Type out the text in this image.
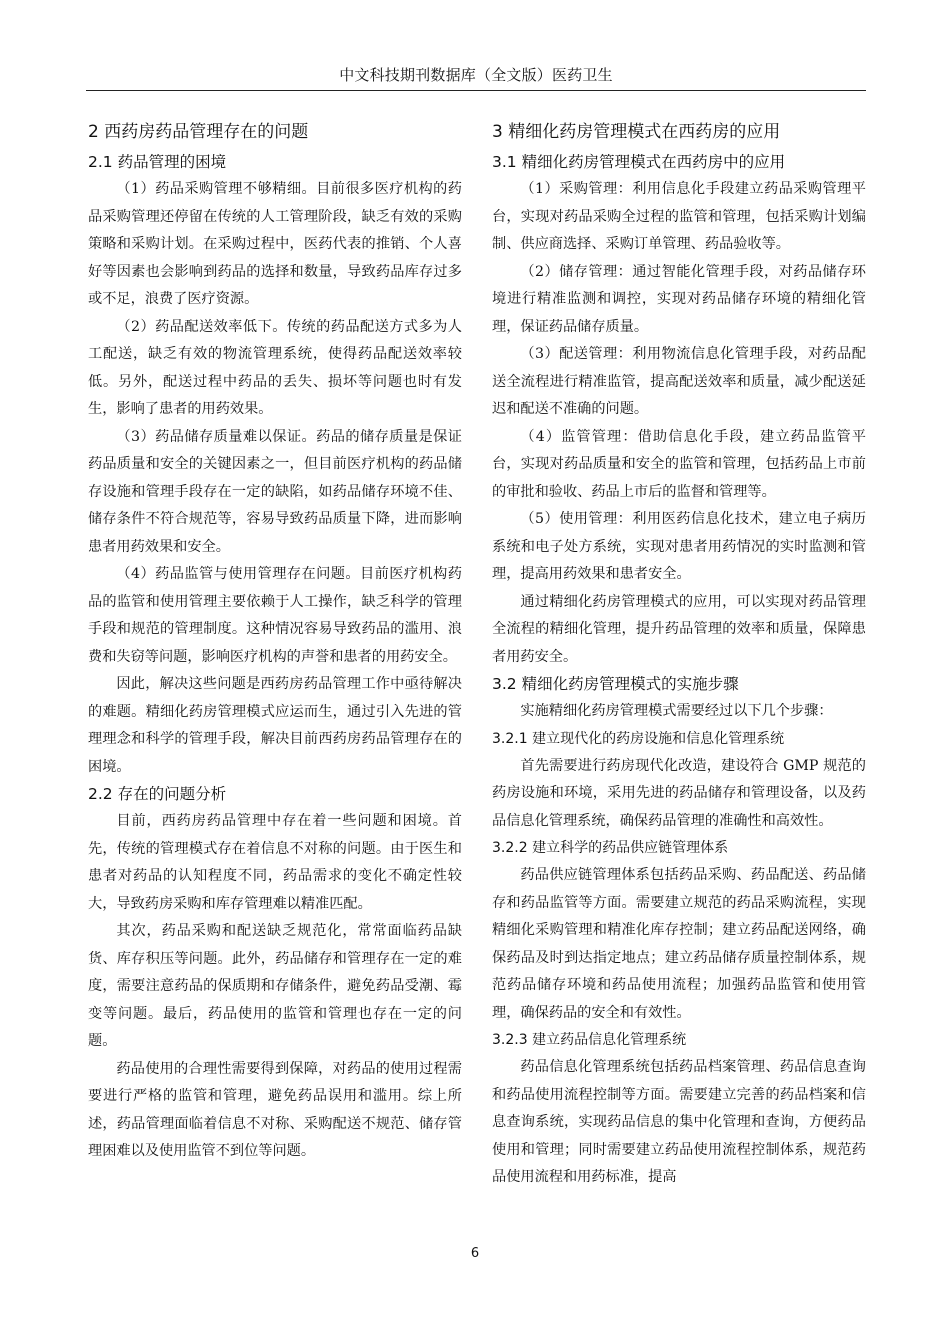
中文科技期刊数据库（全文版）医药卫生
2 西药房药品管理存在的问题
2.1 药品管理的困境

（1）药品采购管理不够精细。目前很多医疗机构的药品采购管理还停留在传统的人工管理阶段，缺乏有效的采购策略和采购计划。在采购过程中，医药代表的推销、个人喜好等因素也会影响到药品的选择和数量，导致药品库存过多或不足，浪费了医疗资源。

（2）药品配送效率低下。传统的药品配送方式多为人工配送，缺乏有效的物流管理系统，使得药品配送效率较低。另外，配送过程中药品的丢失、损坏等问题也时有发生，影响了患者的用药效果。

（3）药品储存质量难以保证。药品的储存质量是保证药品质量和安全的关键因素之一，但目前医疗机构的药品储存设施和管理手段存在一定的缺陷，如药品储存环境不佳、储存条件不符合规范等，容易导致药品质量下降，进而影响患者用药效果和安全。

（4）药品监管与使用管理存在问题。目前医疗机构药品的监管和使用管理主要依赖于人工操作，缺乏科学的管理手段和规范的管理制度。这种情况容易导致药品的滥用、浪费和失窃等问题，影响医疗机构的声誉和患者的用药安全。

因此，解决这些问题是西药房药品管理工作中亟待解决的难题。精细化药房管理模式应运而生，通过引入先进的管理理念和科学的管理手段，解决目前西药房药品管理存在的困境。

2.2 存在的问题分析

目前，西药房药品管理中存在着一些问题和困境。首先，传统的管理模式存在着信息不对称的问题。由于医生和患者对药品的认知程度不同，药品需求的变化不确定性较大，导致药房采购和库存管理难以精准匹配。

其次，药品采购和配送缺乏规范化，常常面临药品缺货、库存积压等问题。此外，药品储存和管理存在一定的难度，需要注意药品的保质期和存储条件，避免药品受潮、霉变等问题。最后，药品使用的监管和管理也存在一定的问题。

药品使用的合理性需要得到保障，对药品的使用过程需要进行严格的监管和管理，避免药品误用和滥用。综上所述，药品管理面临着信息不对称、采购配送不规范、储存管理困难以及使用监管不到位等问题。

3 精细化药房管理模式在西药房的应用
3.1 精细化药房管理模式在西药房中的应用

（1）采购管理：利用信息化手段建立药品采购管理平台，实现对药品采购全过程的监管和管理，包括采购计划编制、供应商选择、采购订单管理、药品验收等。

（2）储存管理：通过智能化管理手段，对药品储存环境进行精准监测和调控，实现对药品储存环境的精细化管理，保证药品储存质量。

（3）配送管理：利用物流信息化管理手段，对药品配送全流程进行精准监管，提高配送效率和质量，减少配送延迟和配送不准确的问题。

（4）监管管理：借助信息化手段，建立药品监管平台，实现对药品质量和安全的监管和管理，包括药品上市前的审批和验收、药品上市后的监督和管理等。

（5）使用管理：利用医药信息化技术，建立电子病历系统和电子处方系统，实现对患者用药情况的实时监测和管理，提高用药效果和患者安全。

通过精细化药房管理模式的应用，可以实现对药品管理全流程的精细化管理，提升药品管理的效率和质量，保障患者用药安全。

3.2 精细化药房管理模式的实施步骤

实施精细化药房管理模式需要经过以下几个步骤：

3.2.1 建立现代化的药房设施和信息化管理系统

首先需要进行药房现代化改造，建设符合 GMP 规范的药房设施和环境，采用先进的药品储存和管理设备，以及药品信息化管理系统，确保药品管理的准确性和高效性。

3.2.2 建立科学的药品供应链管理体系

药品供应链管理体系包括药品采购、药品配送、药品储存和药品监管等方面。需要建立规范的药品采购流程，实现精细化采购管理和精准化库存控制；建立药品配送网络，确保药品及时到达指定地点；建立药品储存质量控制体系，规范药品储存环境和药品使用流程；加强药品监管和使用管理，确保药品的安全和有效性。

3.2.3 建立药品信息化管理系统

药品信息化管理系统包括药品档案管理、药品信息查询和药品使用流程控制等方面。需要建立完善的药品档案和信息查询系统，实现药品信息的集中化管理和查询，方便药品使用和管理；同时需要建立药品使用流程控制体系，规范药品使用流程和用药标准，提高

6
